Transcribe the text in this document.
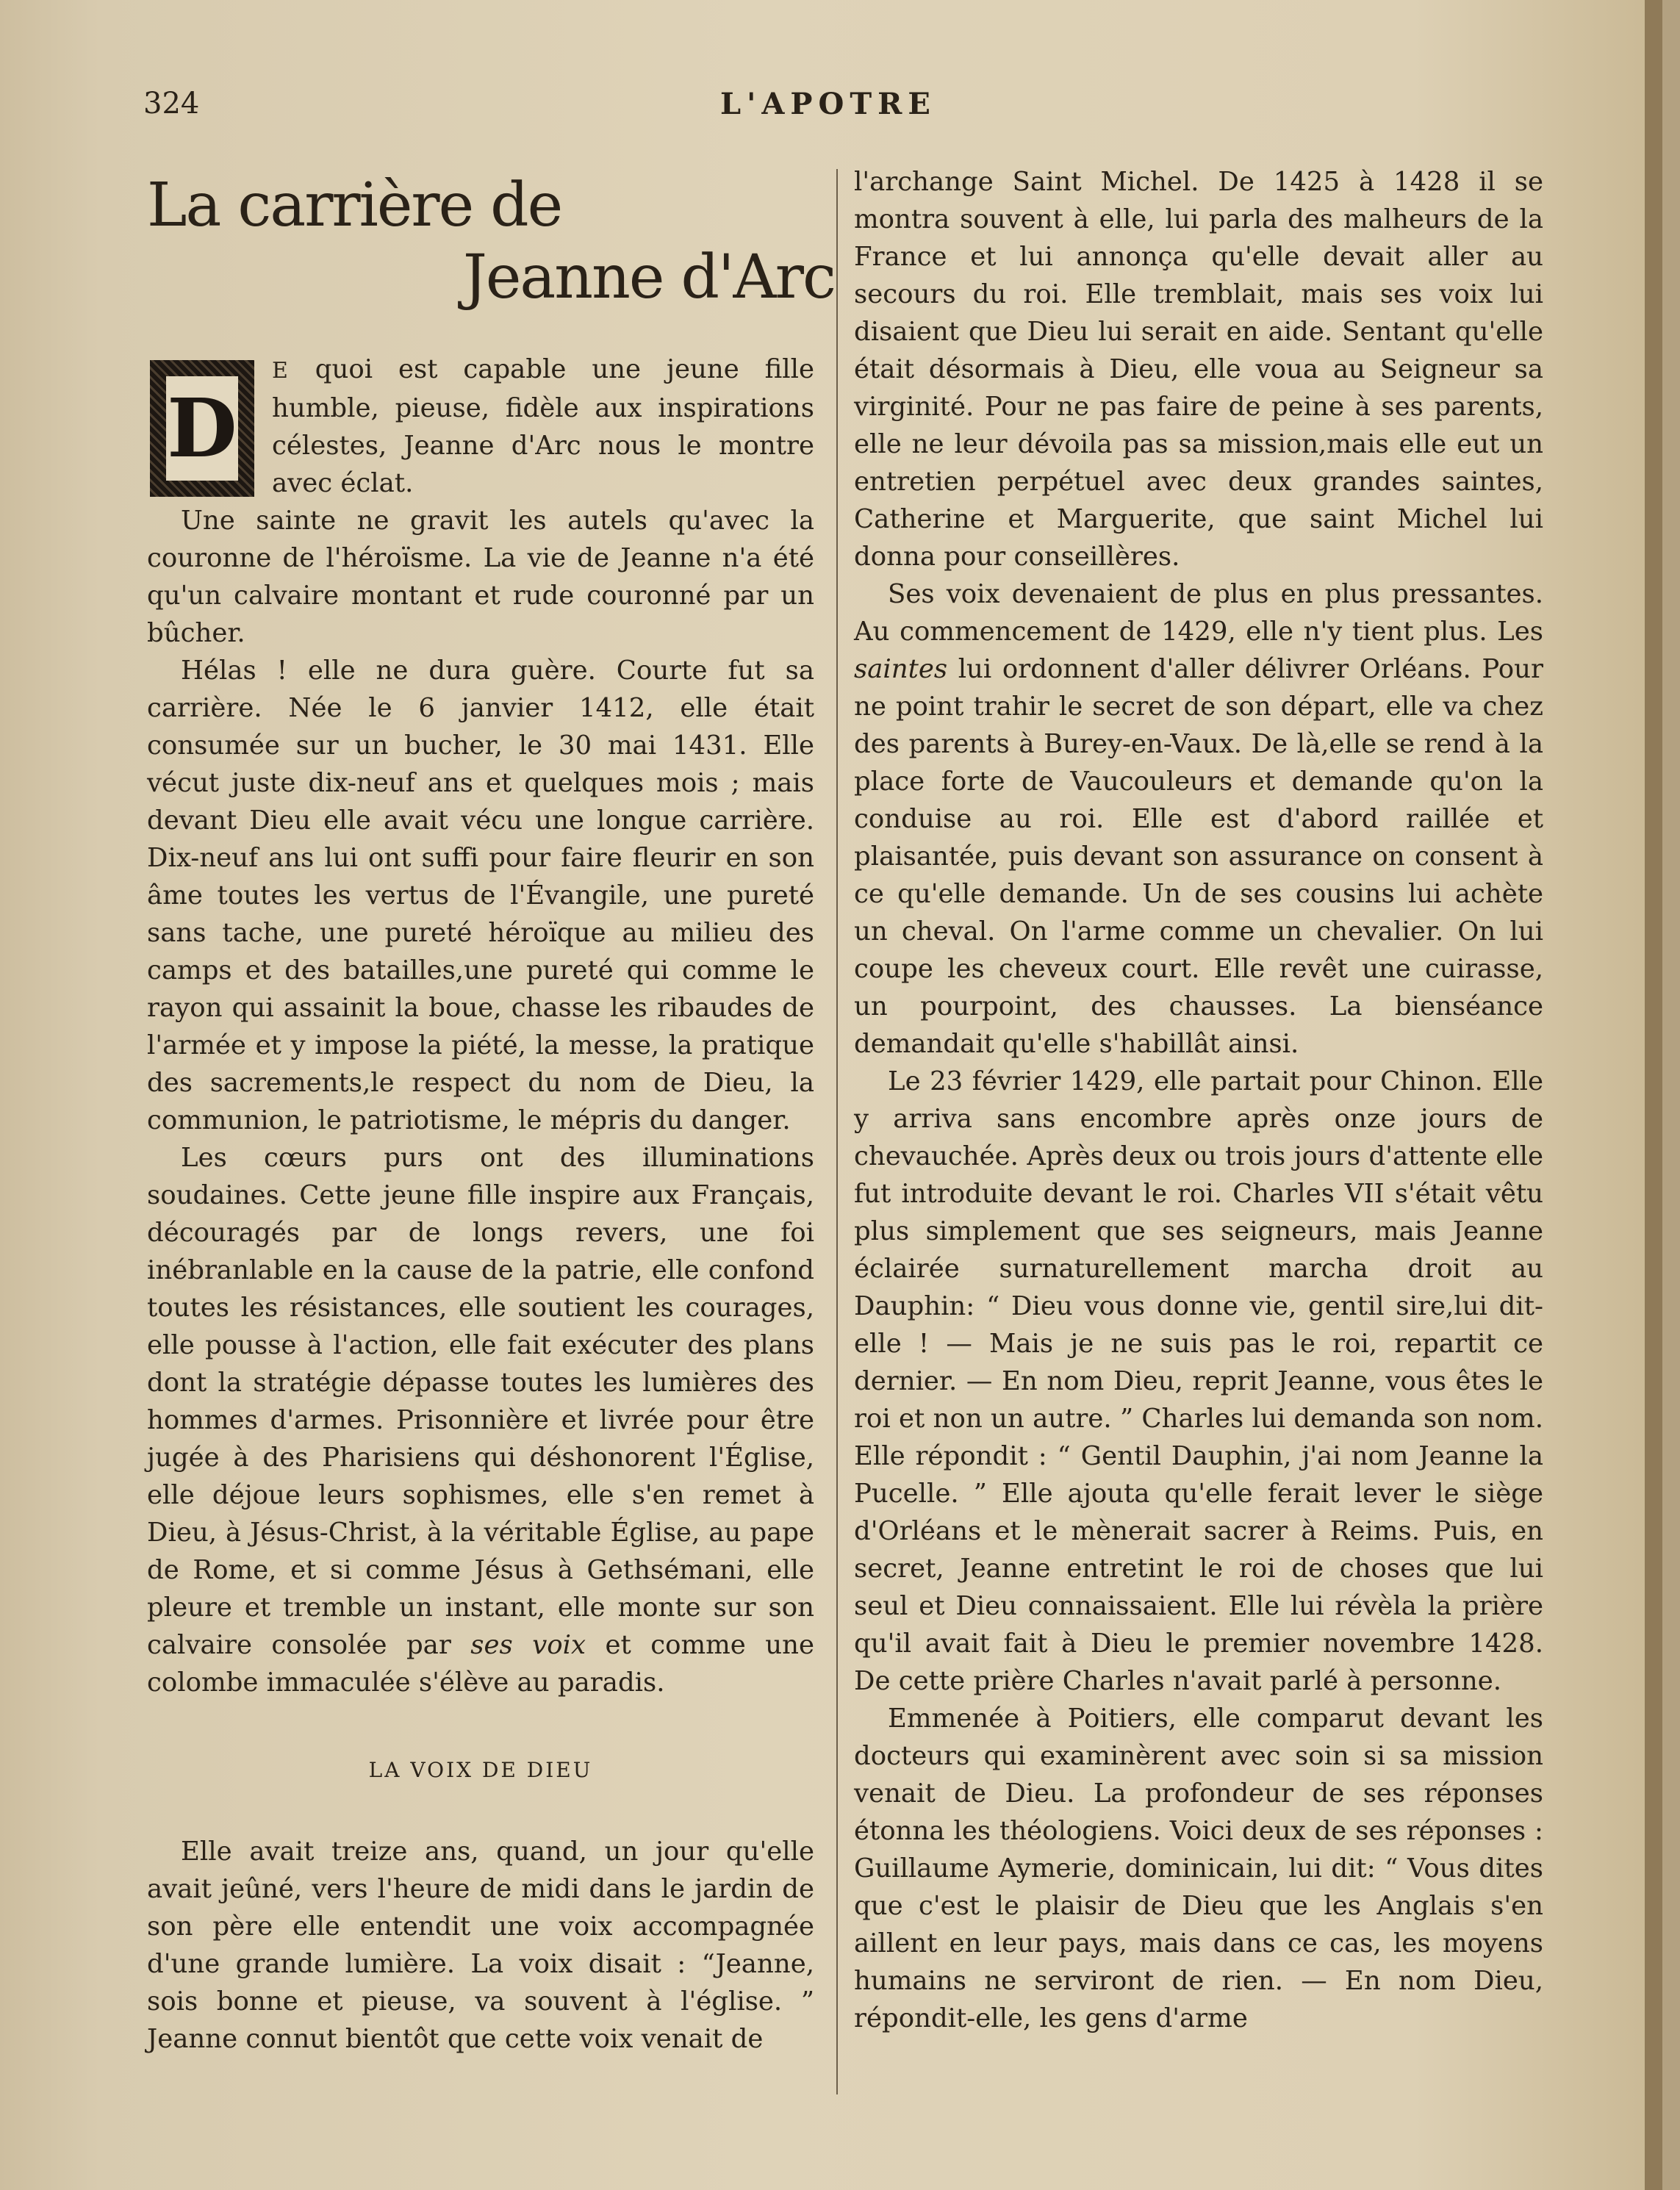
324	L'APOTRE
La carrière de
Jeanne d'Arc

D
E quoi est capable une jeune fille humble, pieuse, fidèle aux inspirations célestes, Jeanne d'Arc nous le montre avec éclat.

Une sainte ne gravit les autels qu'avec la couronne de l'héroïsme. La vie de Jeanne n'a été qu'un calvaire montant et rude couronné par un bûcher.

Hélas ! elle ne dura guère. Courte fut sa carrière. Née le 6 janvier 1412, elle était consumée sur un bucher, le 30 mai 1431. Elle vécut juste dix-neuf ans et quelques mois ; mais devant Dieu elle avait vécu une longue carrière. Dix-neuf ans lui ont suffi pour faire fleurir en son âme toutes les vertus de l'Évangile, une pureté sans tache, une pureté héroïque au milieu des camps et des batailles,une pureté qui comme le rayon qui assainit la boue, chasse les ribaudes de l'armée et y impose la piété, la messe, la pratique des sacrements,le respect du nom de Dieu, la communion, le patriotisme, le mépris du danger.

Les cœurs purs ont des illuminations soudaines. Cette jeune fille inspire aux Français, découragés par de longs revers, une foi inébranlable en la cause de la patrie, elle confond toutes les résistances, elle soutient les courages, elle pousse à l'action, elle fait exécuter des plans dont la stratégie dépasse toutes les lumières des hommes d'armes. Prisonnière et livrée pour être jugée à des Pharisiens qui déshonorent l'Église, elle déjoue leurs sophismes, elle s'en remet à Dieu, à Jésus-Christ, à la véritable Église, au pape de Rome, et si comme Jésus à Gethsémani, elle pleure et tremble un instant, elle monte sur son calvaire consolée par ses voix et comme une colombe immaculée s'élève au paradis.

LA VOIX DE DIEU

Elle avait treize ans, quand, un jour qu'elle avait jeûné, vers l'heure de midi dans le jardin de son père elle entendit une voix accompagnée d'une grande lumière. La voix disait : “Jeanne, sois bonne et pieuse, va souvent à l'église. ” Jeanne connut bientôt que cette voix venait de

l'archange Saint Michel. De 1425 à 1428 il se montra souvent à elle, lui parla des malheurs de la France et lui annonça qu'elle devait aller au secours du roi. Elle tremblait, mais ses voix lui disaient que Dieu lui serait en aide. Sentant qu'elle était désormais à Dieu, elle voua au Seigneur sa virginité. Pour ne pas faire de peine à ses parents, elle ne leur dévoila pas sa mission,mais elle eut un entretien perpétuel avec deux grandes saintes, Catherine et Marguerite, que saint Michel lui donna pour conseillères.

Ses voix devenaient de plus en plus pressantes. Au commencement de 1429, elle n'y tient plus. Les saintes lui ordonnent d'aller délivrer Orléans. Pour ne point trahir le secret de son départ, elle va chez des parents à Burey-en-Vaux. De là,elle se rend à la place forte de Vaucouleurs et demande qu'on la conduise au roi. Elle est d'abord raillée et plaisantée, puis devant son assurance on consent à ce qu'elle demande. Un de ses cousins lui achète un cheval. On l'arme comme un chevalier. On lui coupe les cheveux court. Elle revêt une cuirasse, un pourpoint, des chausses. La bienséance demandait qu'elle s'habillât ainsi.

Le 23 février 1429, elle partait pour Chinon. Elle y arriva sans encombre après onze jours de chevauchée. Après deux ou trois jours d'attente elle fut introduite devant le roi. Charles VII s'était vêtu plus simplement que ses seigneurs, mais Jeanne éclairée surnaturellement marcha droit au Dauphin: “ Dieu vous donne vie, gentil sire,lui dit-elle ! — Mais je ne suis pas le roi, repartit ce dernier. — En nom Dieu, reprit Jeanne, vous êtes le roi et non un autre. ” Charles lui demanda son nom. Elle répondit : “ Gentil Dauphin, j'ai nom Jeanne la Pucelle. ” Elle ajouta qu'elle ferait lever le siège d'Orléans et le mènerait sacrer à Reims. Puis, en secret, Jeanne entretint le roi de choses que lui seul et Dieu connaissaient. Elle lui révèla la prière qu'il avait fait à Dieu le premier novembre 1428. De cette prière Charles n'avait parlé à personne.

Emmenée à Poitiers, elle comparut devant les docteurs qui examinèrent avec soin si sa mission venait de Dieu. La profondeur de ses réponses étonna les théologiens. Voici deux de ses réponses : Guillaume Aymerie, dominicain, lui dit: “ Vous dites que c'est le plaisir de Dieu que les Anglais s'en aillent en leur pays, mais dans ce cas, les moyens humains ne serviront de rien. — En nom Dieu, répondit-elle, les gens d'arme
